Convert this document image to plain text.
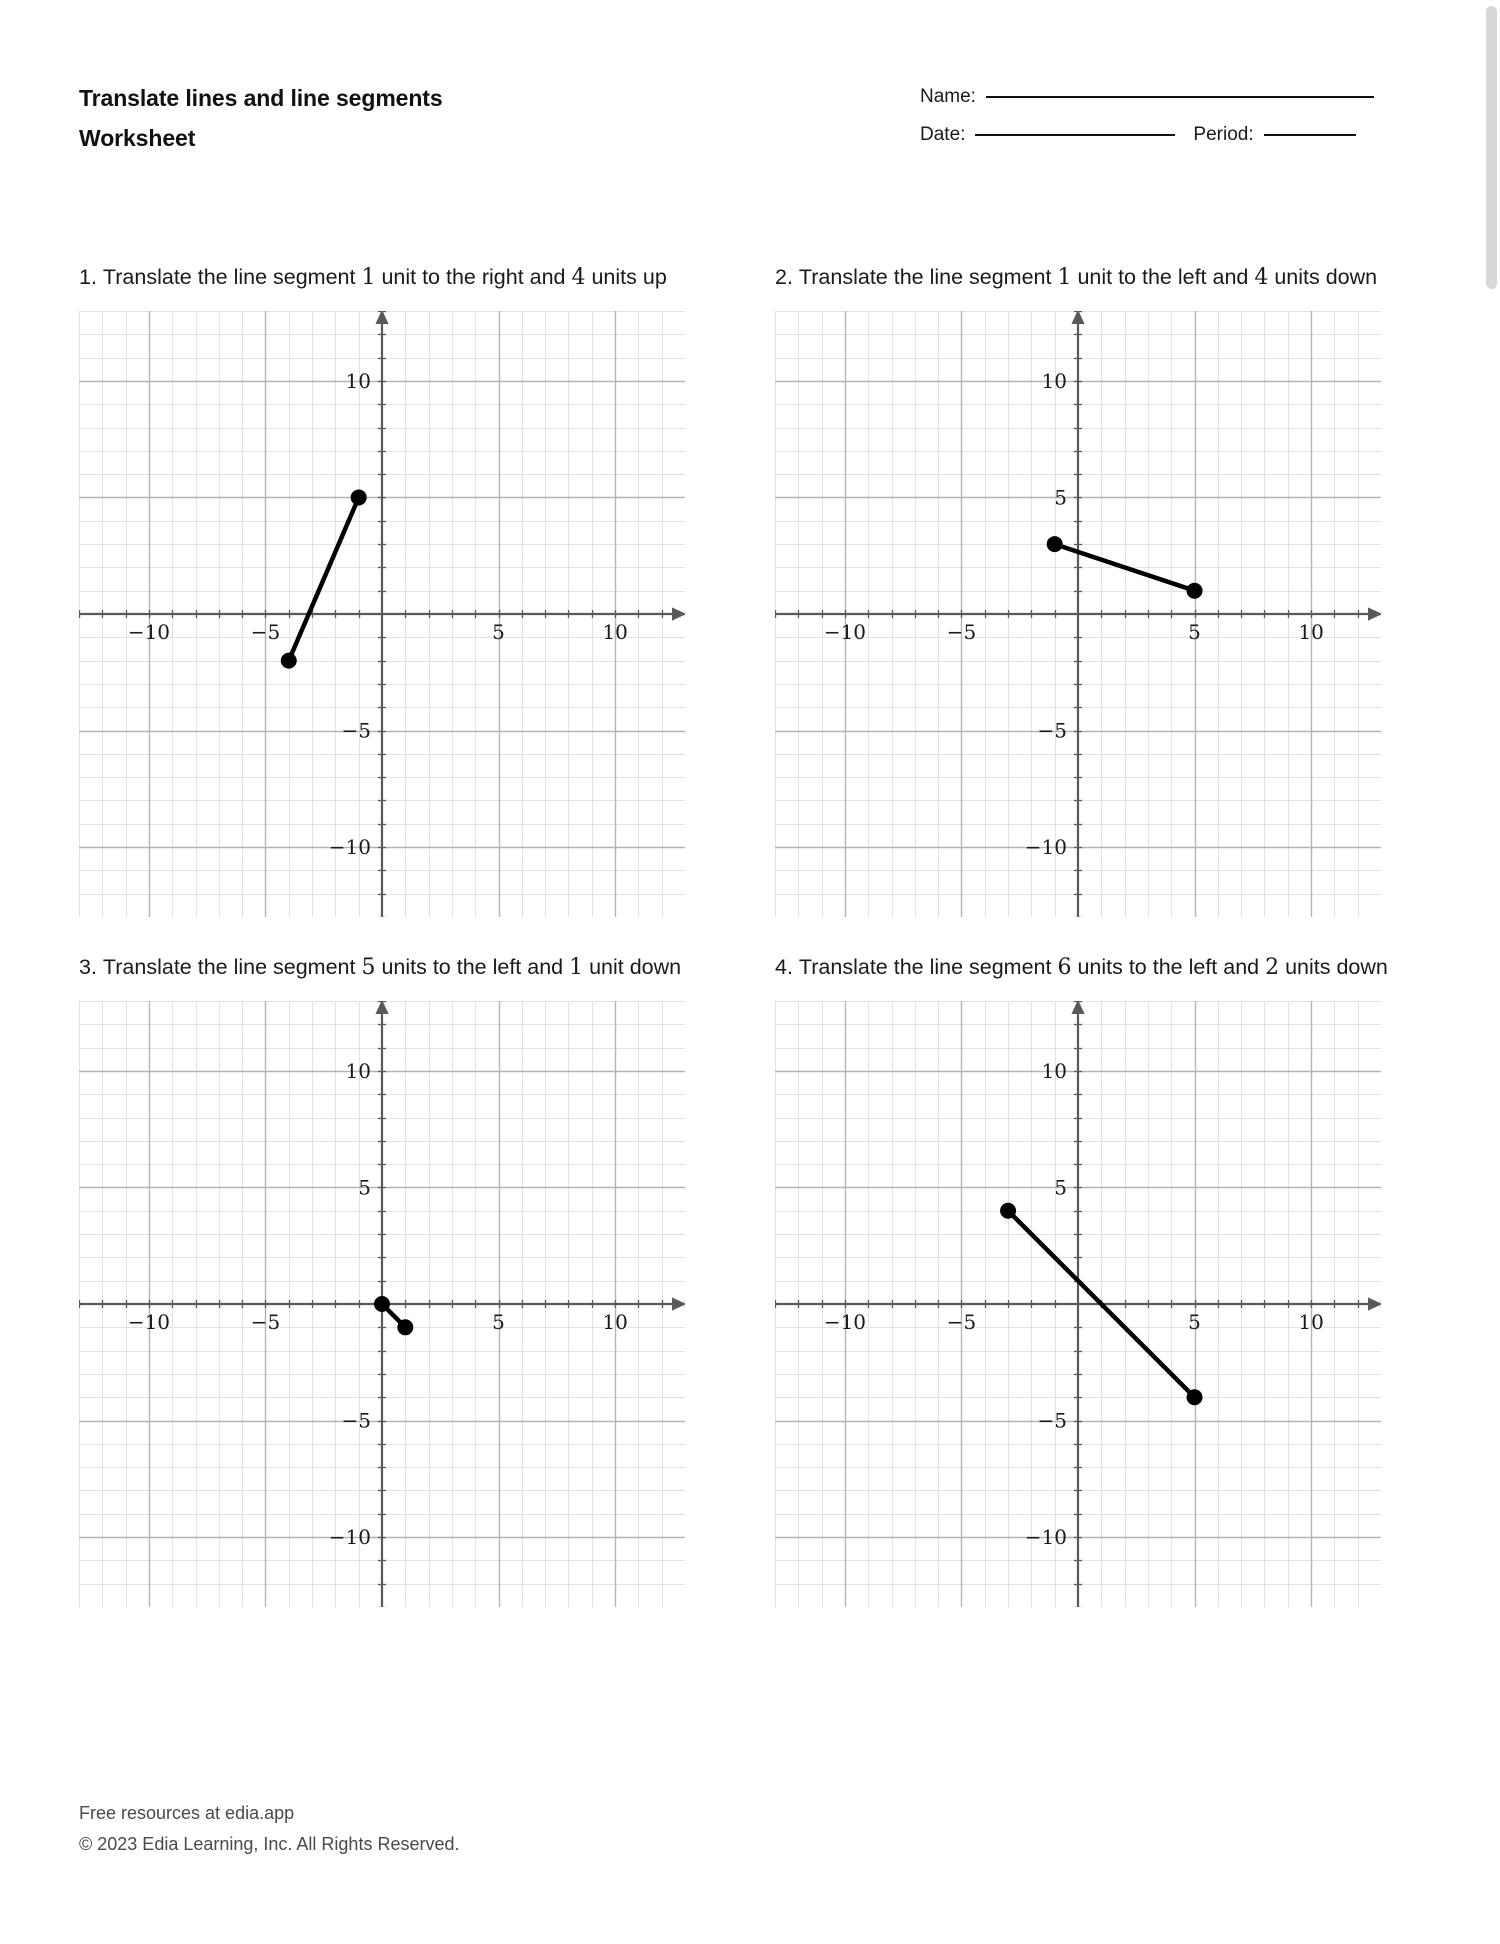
Translate lines and line segments
Worksheet
Name:
Date:	Period:
1. Translate the line segment 1 unit to the right and 4 units up
−10	−5	5	10
10
−5
−10
2. Translate the line segment 1 unit to the left and 4 units down
−10	−5	5	10
10
5
−5
−10
3. Translate the line segment 5 units to the left and 1 unit down
−10	−5	5	10
10
5
−5
−10
4. Translate the line segment 6 units to the left and 2 units down
−10	−5	5	10
10
5
−5
−10
Free resources at edia.app
© 2023 Edia Learning, Inc. All Rights Reserved.
